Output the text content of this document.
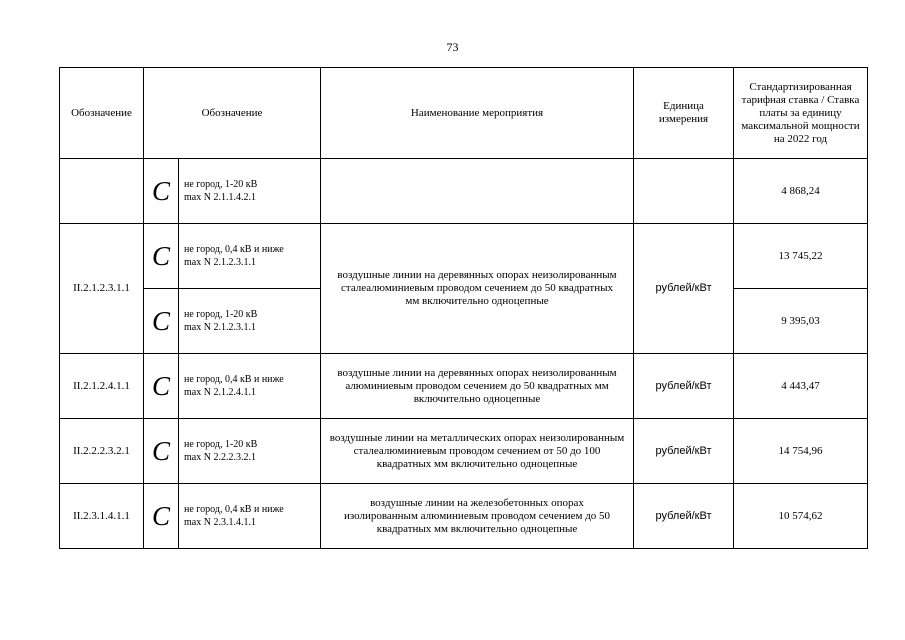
73
Обозначение	Обозначение		Наименование мероприятия	Единица измерения	Стандартизированная тарифная ставка / Ставка платы за единицу максимальной мощности на 2022 год
	C	не город, 1-20 кВ
max N 2.1.1.4.2.1			4 868,24
II.2.1.2.3.1.1	C	не город, 0,4 кВ и ниже
max N 2.1.2.3.1.1	воздушные линии на деревянных опорах неизолированным сталеалюминиевым проводом сечением до 50 квадратных мм включительно одноцепные	рублей/кВт	13 745,22
	C	не город, 1-20 кВ
max N 2.1.2.3.1.1			9 395,03
II.2.1.2.4.1.1	C	не город, 0,4 кВ и ниже
max N 2.1.2.4.1.1	воздушные линии на деревянных опорах неизолированным алюминиевым проводом сечением до 50 квадратных мм включительно одноцепные	рублей/кВт	4 443,47
II.2.2.2.3.2.1	C	не город, 1-20 кВ
max N 2.2.2.3.2.1	воздушные линии на металлических опорах неизолированным сталеалюминиевым проводом сечением от 50 до 100 квадратных мм включительно одноцепные	рублей/кВт	14 754,96
II.2.3.1.4.1.1	C	не город, 0,4 кВ и ниже
max N 2.3.1.4.1.1	воздушные линии на железобетонных опорах изолированным алюминиевым проводом сечением до 50 квадратных мм включительно одноцепные	рублей/кВт	10 574,62
